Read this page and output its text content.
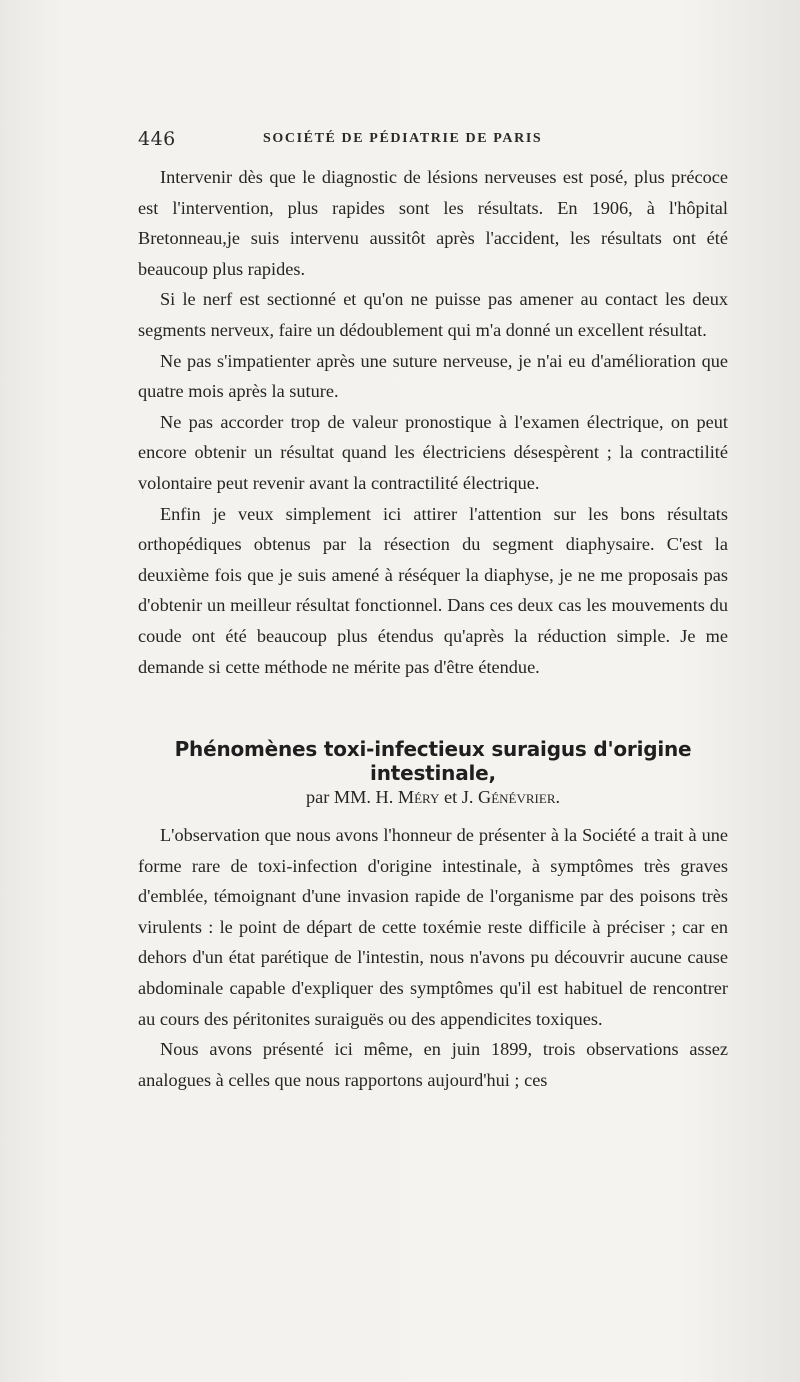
446	SOCIÉTÉ DE PÉDIATRIE DE PARIS

Intervenir dès que le diagnostic de lésions nerveuses est posé, plus précoce est l'intervention, plus rapides sont les résultats. En 1906, à l'hôpital Bretonneau,je suis intervenu aussitôt après l'accident, les résultats ont été beaucoup plus rapides.

Si le nerf est sectionné et qu'on ne puisse pas amener au contact les deux segments nerveux, faire un dédoublement qui m'a donné un excellent résultat.

Ne pas s'impatienter après une suture nerveuse, je n'ai eu d'amélioration que quatre mois après la suture.

Ne pas accorder trop de valeur pronostique à l'examen électrique, on peut encore obtenir un résultat quand les électriciens désespèrent ; la contractilité volontaire peut revenir avant la contractilité électrique.

Enfin je veux simplement ici attirer l'attention sur les bons résultats orthopédiques obtenus par la résection du segment diaphysaire. C'est la deuxième fois que je suis amené à réséquer la diaphyse, je ne me proposais pas d'obtenir un meilleur résultat fonctionnel. Dans ces deux cas les mouvements du coude ont été beaucoup plus étendus qu'après la réduction simple. Je me demande si cette méthode ne mérite pas d'être étendue.

Phénomènes toxi-infectieux suraigus d'origine intestinale,
par MM. H. Méry et J. Génévrier.

L'observation que nous avons l'honneur de présenter à la Société a trait à une forme rare de toxi-infection d'origine intestinale, à symptômes très graves d'emblée, témoignant d'une invasion rapide de l'organisme par des poisons très virulents : le point de départ de cette toxémie reste difficile à préciser ; car en dehors d'un état parétique de l'intestin, nous n'avons pu découvrir aucune cause abdominale capable d'expliquer des symptômes qu'il est habituel de rencontrer au cours des péritonites suraiguës ou des appendicites toxiques.

Nous avons présenté ici même, en juin 1899, trois observations assez analogues à celles que nous rapportons aujourd'hui ; ces
